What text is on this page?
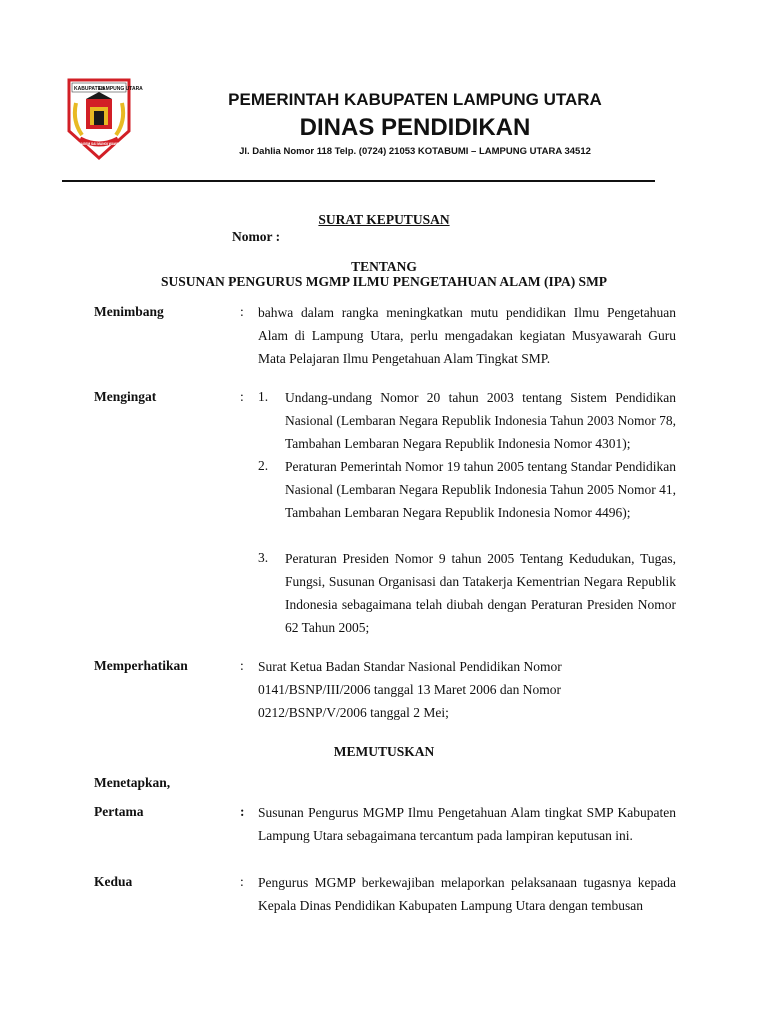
KABUPATEN
LAMPUNG UTARA
RAGEM SAI MANGI WAWAI
PEMERINTAH KABUPATEN LAMPUNG UTARA
DINAS PENDIDIKAN
Jl. Dahlia Nomor 118 Telp. (0724) 21053 KOTABUMI – LAMPUNG UTARA 34512
SURAT KEPUTUSAN
Nomor :
TENTANG
SUSUNAN PENGURUS MGMP ILMU PENGETAHUAN ALAM (IPA) SMP
Menimbang	: bahwa dalam rangka meningkatkan mutu pendidikan Ilmu Pengetahuan Alam di Lampung Utara, perlu mengadakan kegiatan Musyawarah Guru Mata Pelajaran Ilmu Pengetahuan Alam Tingkat SMP.
Mengingat	: 1. Undang-undang Nomor 20 tahun 2003 tentang Sistem Pendidikan Nasional (Lembaran Negara Republik Indonesia Tahun 2003 Nomor 78, Tambahan Lembaran Negara Republik Indonesia Nomor 4301);
2. Peraturan Pemerintah Nomor 19 tahun 2005 tentang Standar Pendidikan Nasional (Lembaran Negara Republik Indonesia Tahun 2005 Nomor 41, Tambahan Lembaran Negara Republik Indonesia Nomor 4496);
3. Peraturan Presiden Nomor 9 tahun 2005 Tentang Kedudukan, Tugas, Fungsi, Susunan Organisasi dan Tatakerja Kementrian Negara Republik Indonesia sebagaimana telah diubah dengan Peraturan Presiden Nomor 62 Tahun 2005;
Memperhatikan	: Surat Ketua Badan Standar Nasional Pendidikan Nomor 0141/BSNP/III/2006 tanggal 13 Maret 2006 dan Nomor 0212/BSNP/V/2006 tanggal 2 Mei;
MEMUTUSKAN
Menetapkan,
Pertama	: Susunan Pengurus MGMP Ilmu Pengetahuan Alam tingkat SMP Kabupaten Lampung Utara sebagaimana tercantum pada lampiran keputusan ini.
Kedua	: Pengurus MGMP berkewajiban melaporkan pelaksanaan tugasnya kepada Kepala Dinas Pendidikan Kabupaten Lampung Utara dengan tembusan
